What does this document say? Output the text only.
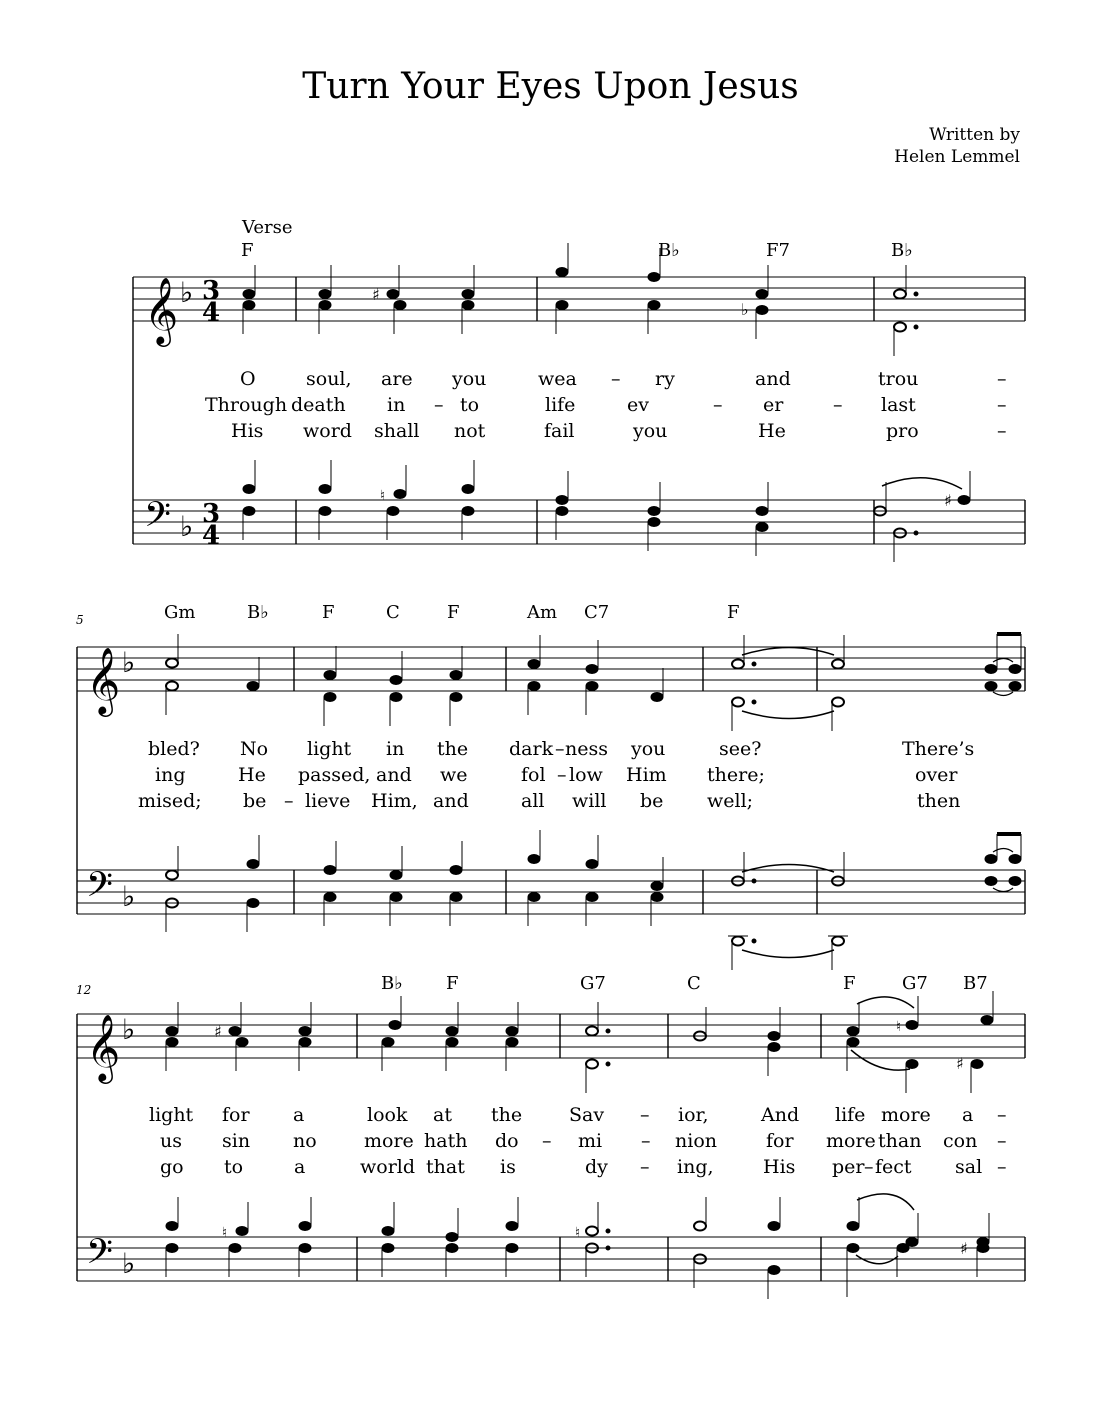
Turn Your Eyes Upon Jesus
Written by
Helen Lemmel
Verse
F	B♭	F7	B♭
𝄞
𝄢
♭
♭
3
4
3
4
♯
♭
O	soul, are you	wea – ry	and	trou	–
Through death in – to	life	ev	– er	– last	–
His word shall not	fail	you	He	pro	–
♮	♯
5	Gm	B♭	F	C	F	Am C7	F
𝄞
𝄢
♭
♭
bled? No light in the dark – ness you	see?	There’s
ing	He passed, and we	fol – low Him there;	over
mised; be – lieve Him, and	all will be well;	then
12	B♭ F	G7	C	F	G7 B7
𝄞
𝄢
♭
♭
♯	♮
♯
light for a	look at the Sav – ior,	And life more a –
us sin no more hath do – mi – nion	for more than con –
go to	a	world that is	dy – ing,	His per – fect sal –
♮	♮
♯
